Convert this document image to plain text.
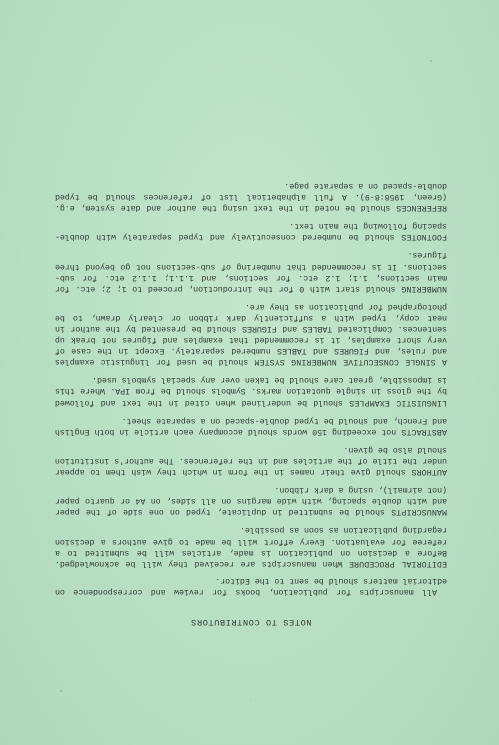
NOTES TO CONTRIBUTORS

All manuscripts for publication, books for review and correspondence on editorial matters should be sent to the Editor.

EDITORIAL PROCEDURE When manuscripts are received they will be acknowledged. Before a decision on publication is made, articles will be submitted to a referee for evaluation. Every effort will be made to give authors a decision regarding publication as soon as possible.

MANUSCRIPTS should be submitted in duplicate, typed on one side of the paper and with double spacing, with wide margins on all sides, on A4 or quarto paper (not airmail), using a dark ribbon.

AUTHORS should give their names in the form in which they wish them to appear under the title of the articles and in the references. The author's institution should also be given.

ABSTRACTS not exceeding 150 words should accompany each article in both English and French, and should be typed double-spaced on a separate sheet.

LINGUISTIC EXAMPLES should be underlined when cited in the text and followed by the gloss in single quotation marks. Symbols should be from IPA. Where this is impossible, great care should be taken over any special symbols used.

A SINGLE CONSECUTIVE NUMBERING SYSTEM should be used for linguistic examples and rules, and FIGURES and TABLES numbered separately. Except in the case of very short examples, it is recommended that examples and figures not break up sentences. Complicated TABLES and FIGURES should be presented by the author in neat copy, typed with a sufficiently dark ribbon or clearly drawn, to be photographed for publication as they are.

NUMBERING should start with 0 for the introduction, proceed to 1; 2; etc. for main sections, 1.1; 1.2 etc. for sections, and 1.1.1; 1.1.2 etc. for sub-sections. It is recommended that numbering of sub-sections not go beyond three figures.

FOOTNOTES should be numbered consecutively and typed separately with double-spacing following the main text.

REFERENCES should be noted in the text using the author and date system, e.g. (Green, 1958:8-9). A full alphabetical list of references should be typed double-spaced on a separate page.
